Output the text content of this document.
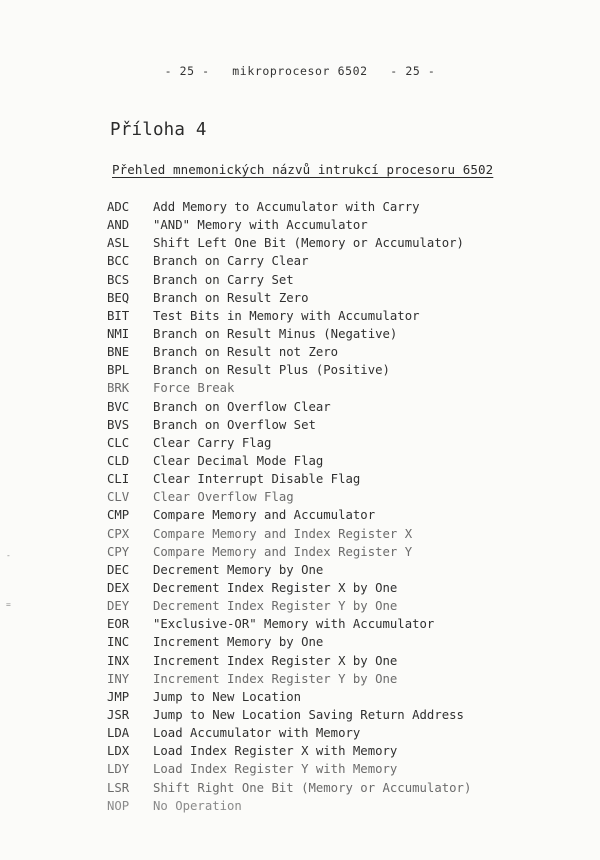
- 25 -   mikroprocesor 6502   - 25 -
Příloha 4
Přehled mnemonických názvů intrukcí procesoru 6502
ADC	Add Memory to Accumulator with Carry
AND	"AND" Memory with Accumulator
ASL	Shift Left One Bit (Memory or Accumulator)
BCC	Branch on Carry Clear
BCS	Branch on Carry Set
BEQ	Branch on Result Zero
BIT	Test Bits in Memory with Accumulator
NMI	Branch on Result Minus (Negative)
BNE	Branch on Result not Zero
BPL	Branch on Result Plus (Positive)
BRK	Force Break
BVC	Branch on Overflow Clear
BVS	Branch on Overflow Set
CLC	Clear Carry Flag
CLD	Clear Decimal Mode Flag
CLI	Clear Interrupt Disable Flag
CLV	Clear Overflow Flag
CMP	Compare Memory and Accumulator
CPX	Compare Memory and Index Register X
CPY	Compare Memory and Index Register Y
DEC	Decrement Memory by One
DEX	Decrement Index Register X by One
DEY	Decrement Index Register Y by One
EOR	"Exclusive-OR" Memory with Accumulator
INC	Increment Memory by One
INX	Increment Index Register X by One
INY	Increment Index Register Y by One
JMP	Jump to New Location
JSR	Jump to New Location Saving Return Address
LDA	Load Accumulator with Memory
LDX	Load Index Register X with Memory
LDY	Load Index Register Y with Memory
LSR	Shift Right One Bit (Memory or Accumulator)
NOP	No Operation
-
=
